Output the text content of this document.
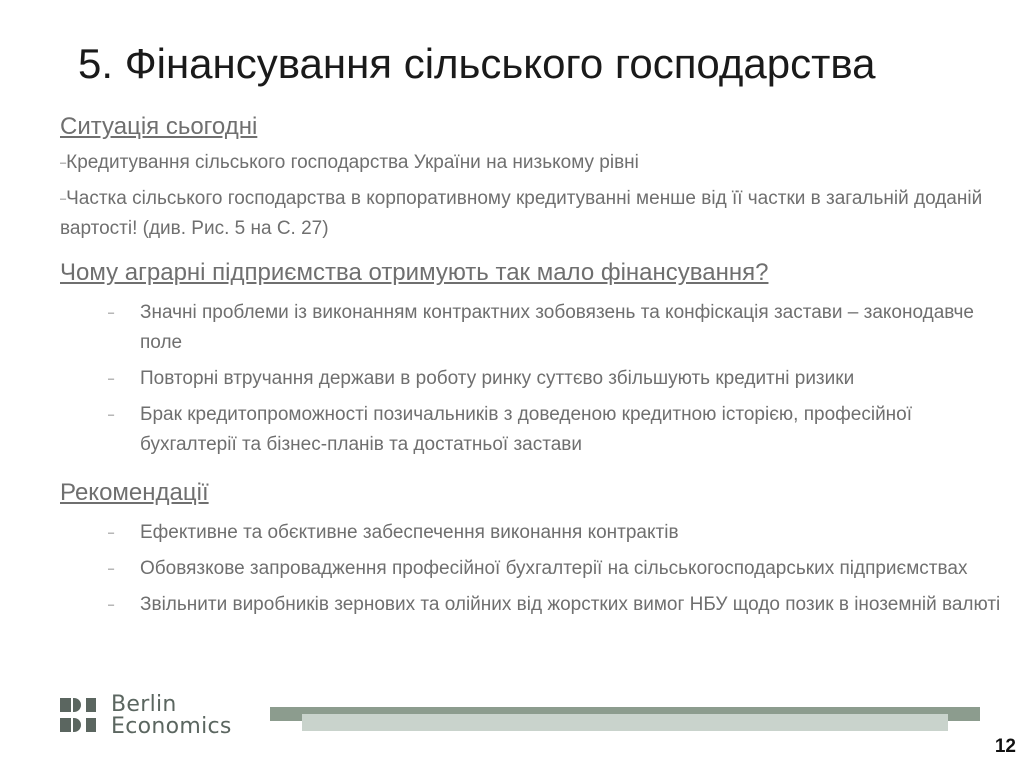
5. Фінансування сільського господарства
Ситуація сьогодні
–Кредитування сільського господарства України на низькому рівні
–Частка сільського господарства в корпоративному кредитуванні менше від її частки в загальній доданій вартості! (див. Рис. 5 на С. 27)
Чому аграрні підприємства отримують так мало фінансування?
– Значні проблеми із виконанням контрактних зобовязень та конфіскація застави – законодавче поле
– Повторні втручання держави в роботу ринку суттєво збільшують кредитні ризики
– Брак кредитопроможності позичальників з доведеною кредитною історією, професійної бухгалтерії та бізнес-планів та достатньої застави
Рекомендації
– Ефективне та обєктивне забеспечення виконання контрактів
– Обовязкове запровадження професійної бухгалтерії на сільськогосподарських підприємствах
– Звільнити виробників зернових та олійних від жорстких вимог НБУ щодо позик в іноземній валюті
Berlin
Economics
12
